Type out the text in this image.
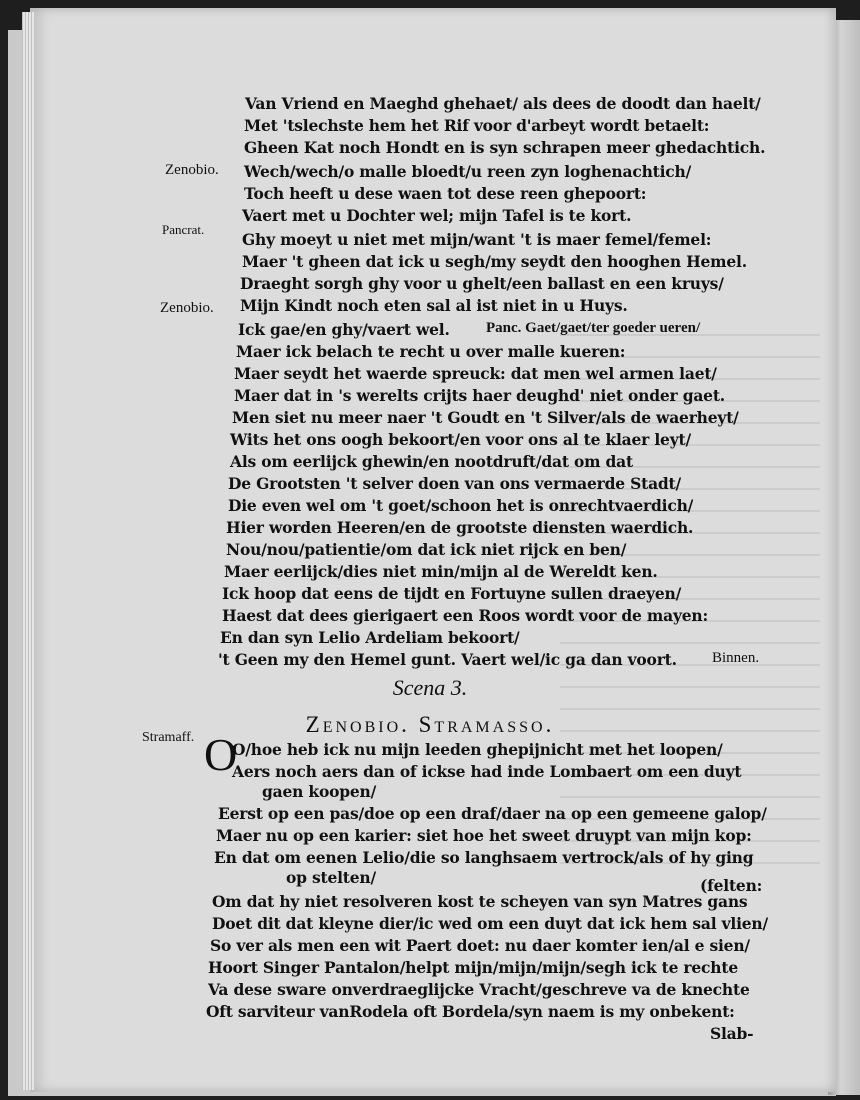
Zenobio.
Pancrat.
Zenobio.
Stramaff.
Van Vriend en Maeghd ghehaet/ als dees de doodt dan haelt/
Met 'tslechste hem het Rif voor d'arbeyt wordt betaelt:
Gheen Kat noch Hondt en is syn schrapen meer ghedachtich.
Wech/wech/o malle bloedt/u reen zyn loghenachtich/
Toch heeft u dese waen tot dese reen ghepoort:
Vaert met u Dochter wel; mijn Tafel is te kort.
Ghy moeyt u niet met mijn/want 't is maer femel/femel:
Maer 't gheen dat ick u segh/my seydt den hooghen Hemel.
Draeght sorgh ghy voor u ghelt/een ballast en een kruys/
Mijn Kindt noch eten sal al ist niet in u Huys.
Ick gae/en ghy/vaert wel. Panc. Gaet/gaet/ter goeder ueren/
Maer ick belach te recht u over malle kueren:
Maer seydt het waerde spreuck: dat men wel armen laet/
Maer dat in 's werelts crijts haer deughd' niet onder gaet.
Men siet nu meer naer 't Goudt en 't Silver/als de waerheyt/
Wits het ons oogh bekoort/en voor ons al te klaer leyt/
Als om eerlijck ghewin/en nootdruft/dat om dat
De Grootsten 't selver doen van ons vermaerde Stadt/
Die even wel om 't goet/schoon het is onrechtvaerdich/
Hier worden Heeren/en de grootste diensten waerdich.
Nou/nou/patientie/om dat ick niet rijck en ben/
Maer eerlijck/dies niet min/mijn al de Wereldt ken.
Ick hoop dat eens de tijdt en Fortuyne sullen draeyen/
Haest dat dees gierigaert een Roos wordt voor de mayen:
En dan syn Lelio Ardeliam bekoort/
't Geen my den Hemel gunt. Vaert wel/ic ga dan voort.	Binnen.
Scena 3.
Zenobio. Stramasso.
O
O/hoe heb ick nu mijn leeden ghepijnicht met het loopen/
Aers noch aers dan of ickse had inde Lombaert om een duyt
gaen koopen/
Eerst op een pas/doe op een draf/daer na op een gemeene galop/
Maer nu op een karier: siet hoe het sweet druypt van mijn kop:
En dat om eenen Lelio/die so langhsaem vertrock/als of hy ging
op stelten/	(felten:
Om dat hy niet resolveren kost te scheyen van syn Matres gans
Doet dit dat kleyne dier/ic wed om een duyt dat ick hem sal vlien/
So ver als men een wit Paert doet: nu daer komter ien/al e sien/
Hoort Singer Pantalon/helpt mijn/mijn/mijn/segh ick te rechte
Va dese sware onverdraeglijcke Vracht/geschreve va de knechte
Oft sarviteur vanRodela oft Bordela/syn naem is my onbekent:
Slab-
